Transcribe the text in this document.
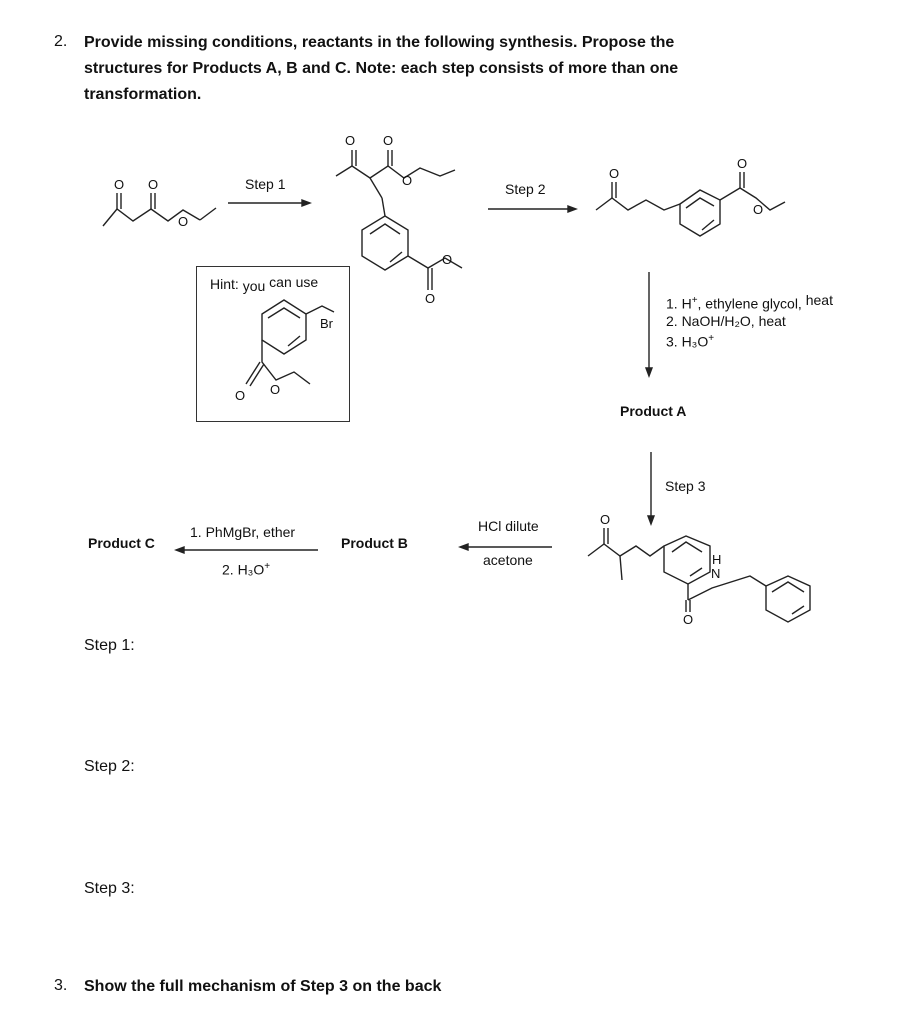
2. Provide missing conditions, reactants in the following synthesis. Propose the
structures for Products A, B and C. Note: each step consists of more than one
transformation.
O O
O
O O
O
O
O
O
O
O
Br
O O
O
O
H
N
Step 1	Step 2
Step 3
Hint: you can use
1. H+, ethylene glycol, heat
2. NaOH/H₂O, heat
3. H₃O+
Product A
HCl dilute
acetone
Product B
1. PhMgBr, ether
2. H₃O+
Product C
Step 1:
Step 2:
Step 3:
3. Show the full mechanism of Step 3 on the back
